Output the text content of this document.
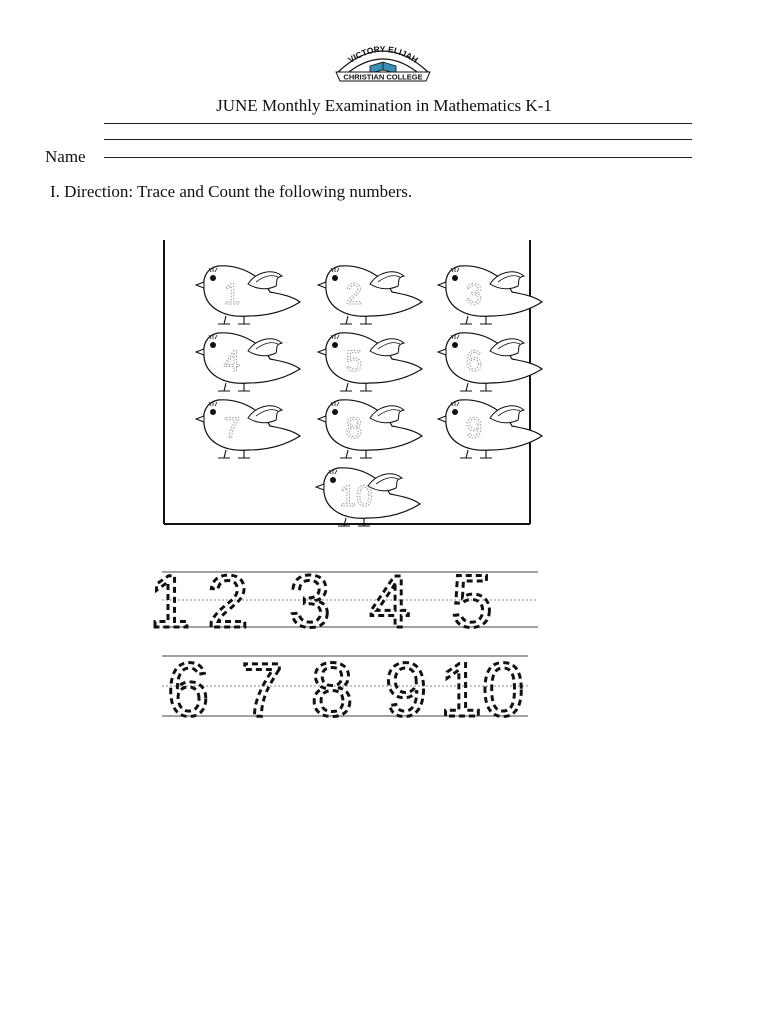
VICTORY ELIJAH
CHRISTIAN COLLEGE
JUNE Monthly Examination in Mathematics K-1
Name
I. Direction: Trace and Count the following numbers.
1	2	3
4	5	6
7	8	9
10
1 2 3 4 5
6 7 8 9 10
